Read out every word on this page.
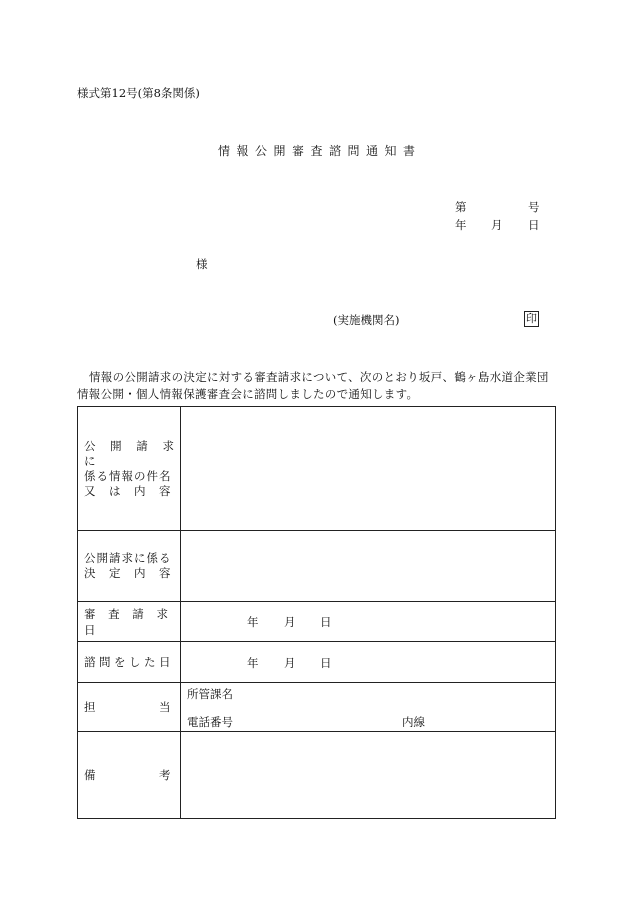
様式第12号(第8条関係)
情報公開審査諮問通知書
第	号
年 月 日
様
(実施機関名)	印
情報の公開請求の決定に対する審査請求について、次のとおり坂戸、鶴ヶ島水道企業団
情報公開・個人情報保護審査会に諮問しましたので通知します。
公 開 請 求 に
係る情報の件名
又　は　内　容	

公開請求に係る
決　定　内　容	

審 査 請 求 日	年 月 日

諮問をした日	年 月 日

担　　　　　当	所管課名
電話番号 内線

備　　　　　考	
